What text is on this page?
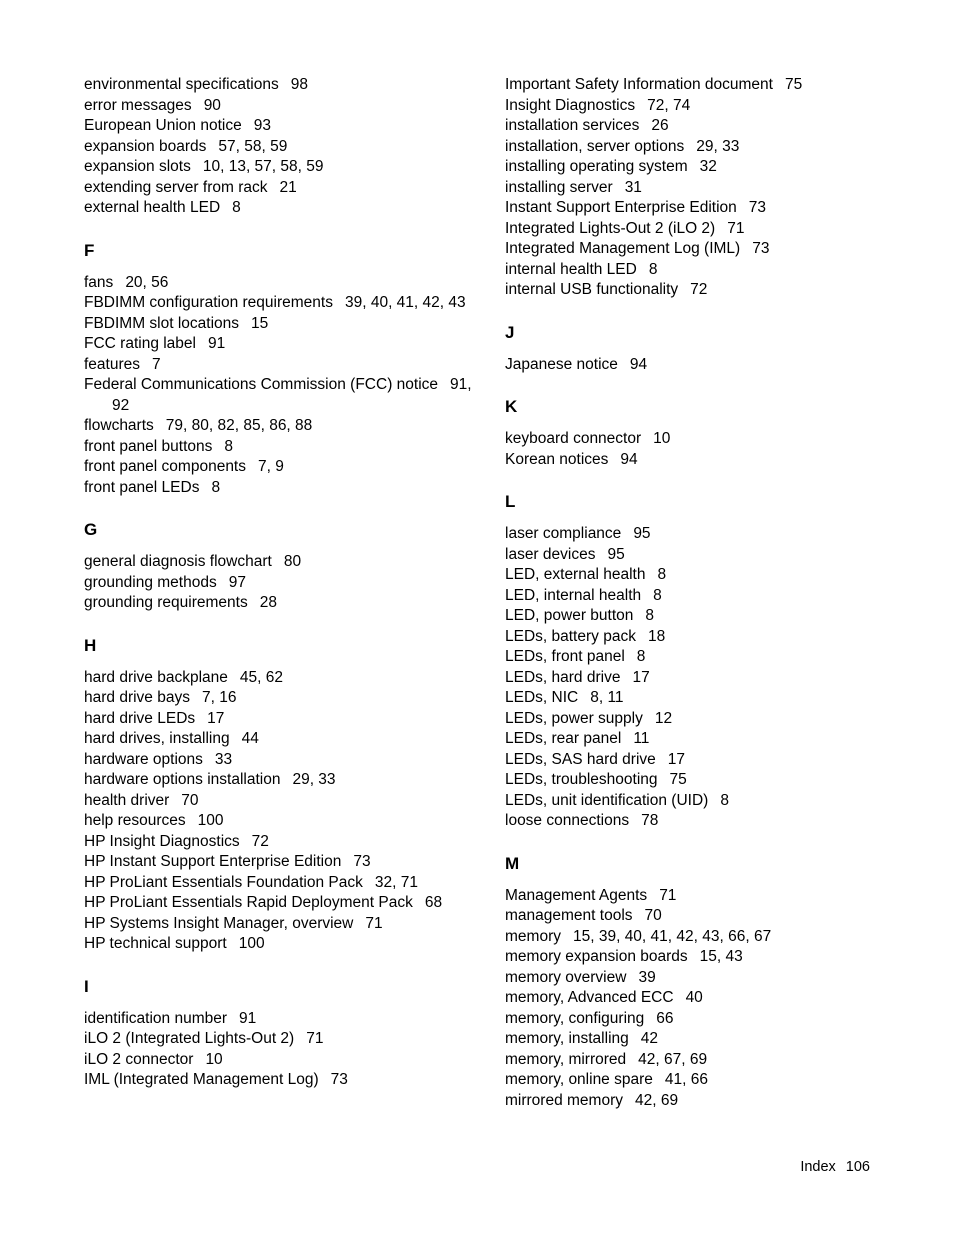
environmental specifications 98
error messages 90
European Union notice 93
expansion boards 57, 58, 59
expansion slots 10, 13, 57, 58, 59
extending server from rack 21
external health LED 8
F
fans 20, 56
FBDIMM configuration requirements 39, 40, 41, 42, 43
FBDIMM slot locations 15
FCC rating label 91
features 7
Federal Communications Commission (FCC) notice 91, 92
flowcharts 79, 80, 82, 85, 86, 88
front panel buttons 8
front panel components 7, 9
front panel LEDs 8
G
general diagnosis flowchart 80
grounding methods 97
grounding requirements 28
H
hard drive backplane 45, 62
hard drive bays 7, 16
hard drive LEDs 17
hard drives, installing 44
hardware options 33
hardware options installation 29, 33
health driver 70
help resources 100
HP Insight Diagnostics 72
HP Instant Support Enterprise Edition 73
HP ProLiant Essentials Foundation Pack 32, 71
HP ProLiant Essentials Rapid Deployment Pack 68
HP Systems Insight Manager, overview 71
HP technical support 100
I
identification number 91
iLO 2 (Integrated Lights-Out 2) 71
iLO 2 connector 10
IML (Integrated Management Log) 73
Important Safety Information document 75
Insight Diagnostics 72, 74
installation services 26
installation, server options 29, 33
installing operating system 32
installing server 31
Instant Support Enterprise Edition 73
Integrated Lights-Out 2 (iLO 2) 71
Integrated Management Log (IML) 73
internal health LED 8
internal USB functionality 72
J
Japanese notice 94
K
keyboard connector 10
Korean notices 94
L
laser compliance 95
laser devices 95
LED, external health 8
LED, internal health 8
LED, power button 8
LEDs, battery pack 18
LEDs, front panel 8
LEDs, hard drive 17
LEDs, NIC 8, 11
LEDs, power supply 12
LEDs, rear panel 11
LEDs, SAS hard drive 17
LEDs, troubleshooting 75
LEDs, unit identification (UID) 8
loose connections 78
M
Management Agents 71
management tools 70
memory 15, 39, 40, 41, 42, 43, 66, 67
memory expansion boards 15, 43
memory overview 39
memory, Advanced ECC 40
memory, configuring 66
memory, installing 42
memory, mirrored 42, 67, 69
memory, online spare 41, 66
mirrored memory 42, 69
Index 106
